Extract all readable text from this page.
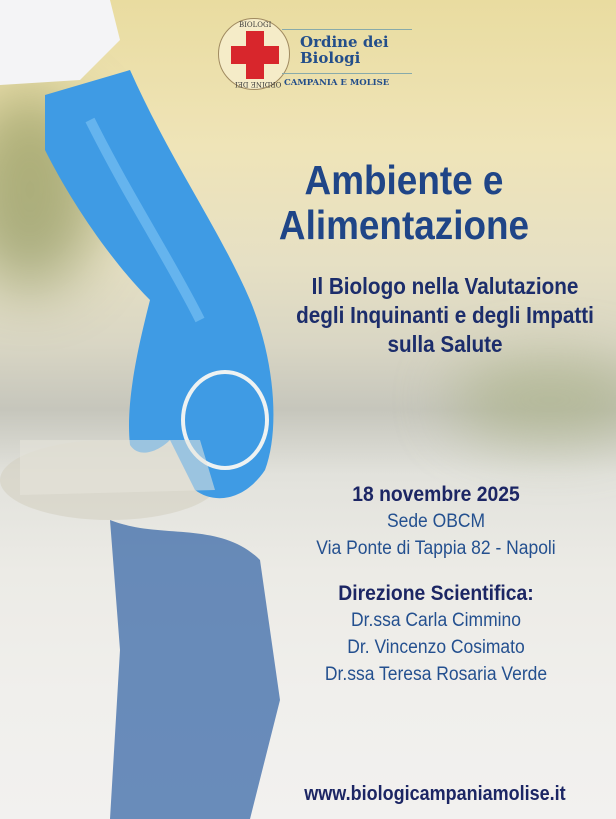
BIOLOGI
ORDINE DEI
Ordine dei Biologi
CAMPANIA E MOLISE
Ambiente e Alimentazione
Il Biologo nella Valutazione degli Inquinanti e degli Impatti sulla Salute
18 novembre 2025
Sede OBCM
Via Ponte di Tappia 82 - Napoli
Direzione Scientifica:
Dr.ssa Carla Cimmino
Dr. Vincenzo Cosimato
Dr.ssa Teresa Rosaria Verde
www.biologicampaniamolise.it
